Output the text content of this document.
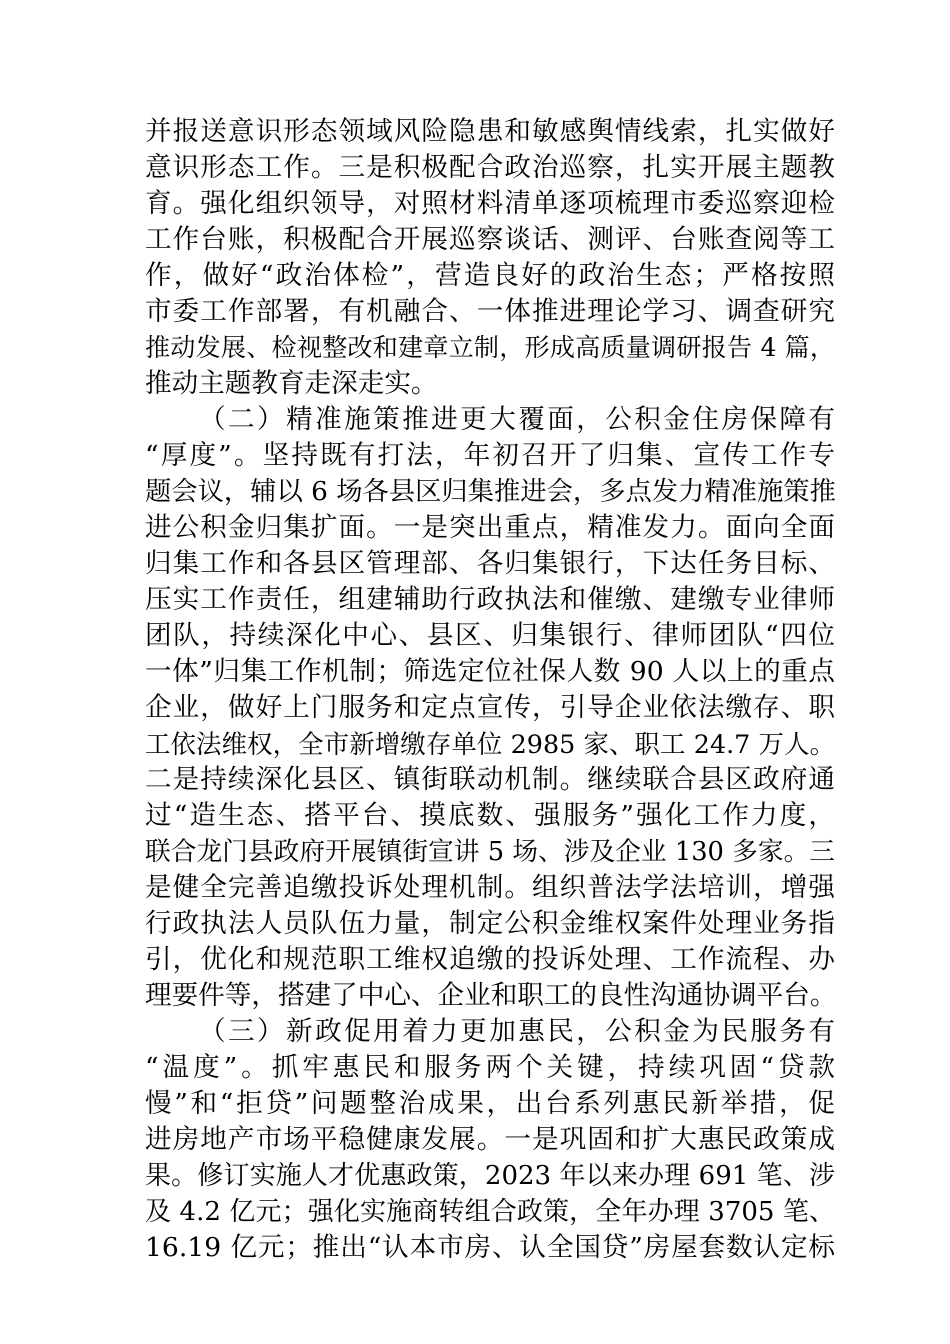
并报送意识形态领域风险隐患和敏感舆情线索，扎实做好
意识形态工作。三是积极配合政治巡察，扎实开展主题教
育。强化组织领导，对照材料清单逐项梳理市委巡察迎检
工作台账，积极配合开展巡察谈话、测评、台账查阅等工
作，做好“政治体检”，营造良好的政治生态；严格按照
市委工作部署，有机融合、一体推进理论学习、调查研究
推动发展、检视整改和建章立制，形成高质量调研报告 4 篇，
推动主题教育走深走实。
（二）精准施策推进更大覆面，公积金住房保障有
“厚度”。坚持既有打法，年初召开了归集、宣传工作专
题会议，辅以 6 场各县区归集推进会，多点发力精准施策推
进公积金归集扩面。一是突出重点，精准发力。面向全面
归集工作和各县区管理部、各归集银行，下达任务目标、
压实工作责任，组建辅助行政执法和催缴、建缴专业律师
团队，持续深化中心、县区、归集银行、律师团队“四位
一体”归集工作机制；筛选定位社保人数 90 人以上的重点
企业，做好上门服务和定点宣传，引导企业依法缴存、职
工依法维权，全市新增缴存单位 2985 家、职工 24.7 万人。
二是持续深化县区、镇街联动机制。继续联合县区政府通
过“造生态、搭平台、摸底数、强服务”强化工作力度，
联合龙门县政府开展镇街宣讲 5 场、涉及企业 130 多家。三
是健全完善追缴投诉处理机制。组织普法学法培训，增强
行政执法人员队伍力量，制定公积金维权案件处理业务指
引，优化和规范职工维权追缴的投诉处理、工作流程、办
理要件等，搭建了中心、企业和职工的良性沟通协调平台。
（三）新政促用着力更加惠民，公积金为民服务有
“温度”。抓牢惠民和服务两个关键，持续巩固“贷款
慢”和“拒贷”问题整治成果，出台系列惠民新举措，促
进房地产市场平稳健康发展。一是巩固和扩大惠民政策成
果。修订实施人才优惠政策，2023 年以来办理 691 笔、涉
及 4.2 亿元；强化实施商转组合政策，全年办理 3705 笔、
16.19 亿元；推出“认本市房、认全国贷”房屋套数认定标
